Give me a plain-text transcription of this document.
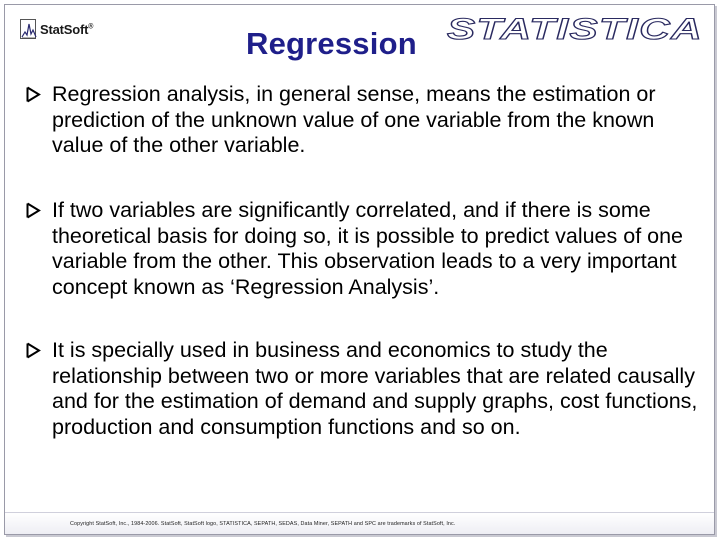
StatSoft®	Regression STATISTICA
Regression analysis, in general sense, means the estimation or prediction of the unknown value of one variable from the known value of the other variable.
If two variables are significantly correlated, and if there is some theoretical basis for doing so, it is possible to predict values of one variable from the other. This observation leads to a very important concept known as ‘Regression Analysis’.
It is specially used in business and economics to study the relationship between two or more variables that are related causally and for the estimation of demand and supply graphs, cost functions, production and consumption functions and so on.
Copyright StatSoft, Inc., 1984-2006. StatSoft, StatSoft logo, STATISTICA, SEPATH, SEDAS, Data Miner, SEPATH and SPC are trademarks of StatSoft, Inc.
